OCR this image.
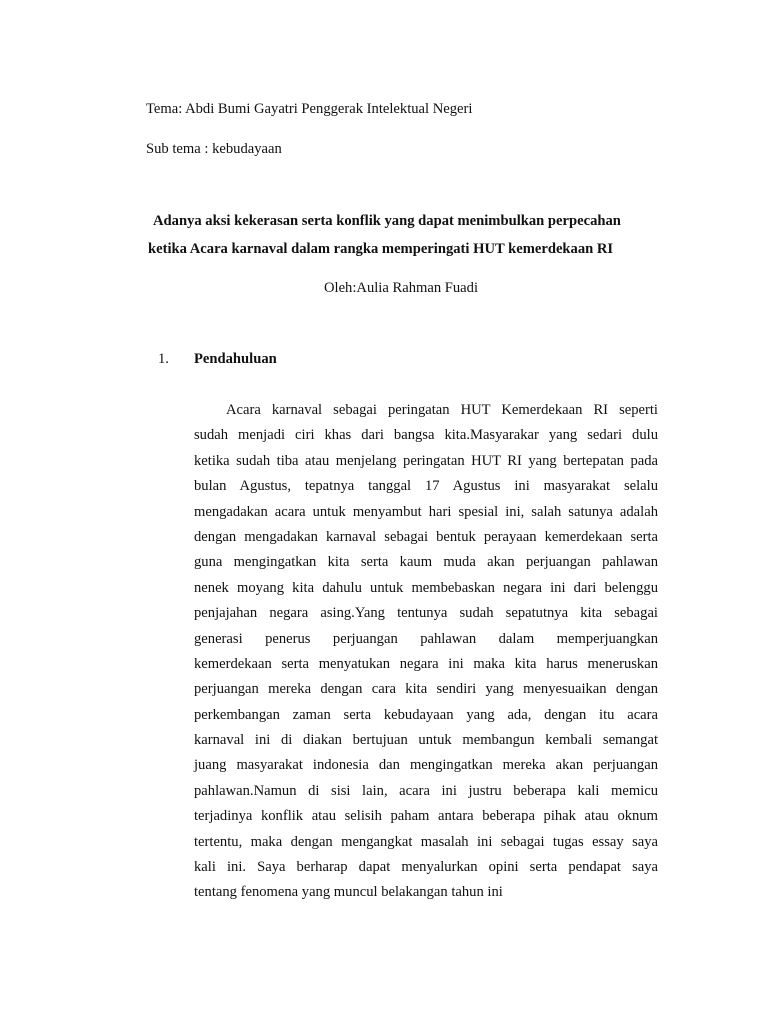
Tema: Abdi Bumi Gayatri Penggerak Intelektual Negeri
Sub tema : kebudayaan
Adanya aksi kekerasan serta konflik yang dapat menimbulkan perpecahan
ketika Acara karnaval dalam rangka memperingati HUT kemerdekaan RI
Oleh:Aulia Rahman Fuadi
1. Pendahuluan
Acara karnaval sebagai peringatan HUT Kemerdekaan RI seperti
sudah menjadi ciri khas dari bangsa kita.Masyarakar yang sedari dulu
ketika sudah tiba atau menjelang peringatan HUT RI yang bertepatan pada
bulan Agustus, tepatnya tanggal 17 Agustus ini masyarakat selalu
mengadakan acara untuk menyambut hari spesial ini, salah satunya adalah
dengan mengadakan karnaval sebagai bentuk perayaan kemerdekaan serta
guna mengingatkan kita serta kaum muda akan perjuangan pahlawan
nenek moyang kita dahulu untuk membebaskan negara ini dari belenggu
penjajahan negara asing.Yang tentunya sudah sepatutnya kita sebagai
generasi penerus perjuangan pahlawan dalam memperjuangkan
kemerdekaan serta menyatukan negara ini maka kita harus meneruskan
perjuangan mereka dengan cara kita sendiri yang menyesuaikan dengan
perkembangan zaman serta kebudayaan yang ada, dengan itu acara
karnaval ini di diakan bertujuan untuk membangun kembali semangat
juang masyarakat indonesia dan mengingatkan mereka akan perjuangan
pahlawan.Namun di sisi lain, acara ini justru beberapa kali memicu
terjadinya konflik atau selisih paham antara beberapa pihak atau oknum
tertentu, maka dengan mengangkat masalah ini sebagai tugas essay saya
kali ini. Saya berharap dapat menyalurkan opini serta pendapat saya
tentang fenomena yang muncul belakangan tahun ini
